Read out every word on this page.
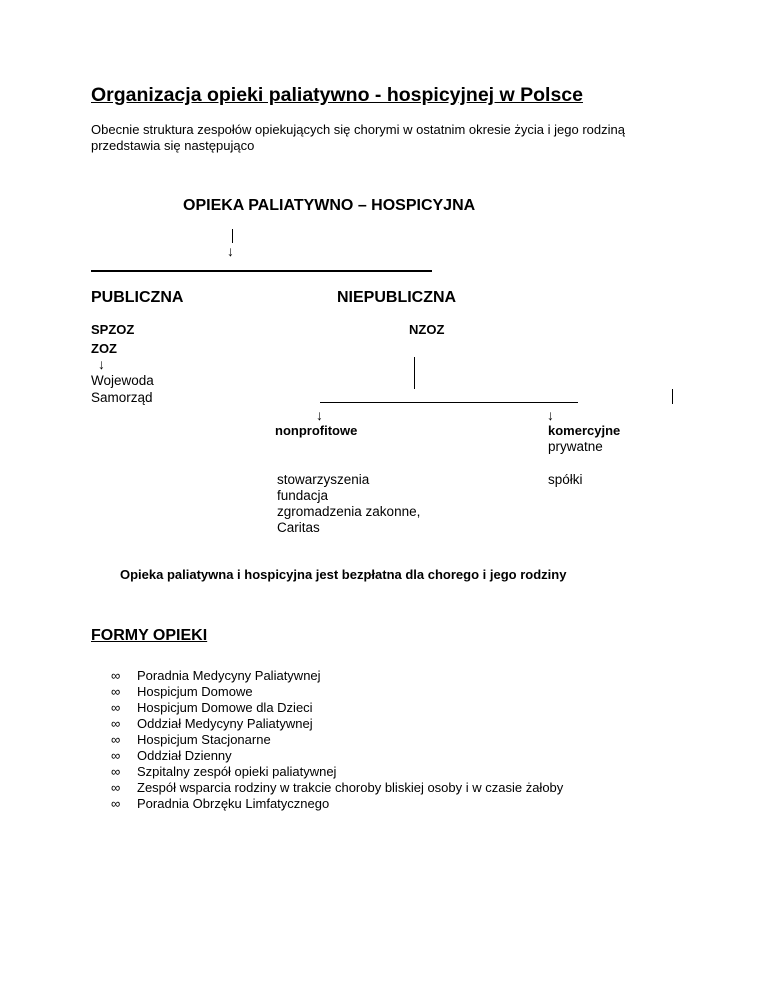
Organizacja opieki paliatywno - hospicyjnej w Polsce
Obecnie struktura zespołów opiekujących się chorymi w ostatnim okresie życia i jego rodziną przedstawia się następująco
OPIEKA PALIATYWNO – HOSPICYJNA
↓
PUBLICZNA	NIEPUBLICZNA
SPZOZ
ZOZ
↓
Wojewoda
Samorząd
NZOZ
↓	↓
nonprofitowe	komercyjne
prywatne
stowarzyszenia
fundacja
zgromadzenia zakonne,
Caritas
spółki
Opieka paliatywna i hospicyjna jest bezpłatna dla chorego i jego rodziny
FORMY OPIEKI
∞ Poradnia Medycyny Paliatywnej
∞ Hospicjum Domowe
∞ Hospicjum Domowe dla Dzieci
∞ Oddział Medycyny Paliatywnej
∞ Hospicjum Stacjonarne
∞ Oddział Dzienny
∞ Szpitalny zespół opieki paliatywnej
∞ Zespół wsparcia rodziny w trakcie choroby bliskiej osoby i w czasie żałoby
∞ Poradnia Obrzęku Limfatycznego
